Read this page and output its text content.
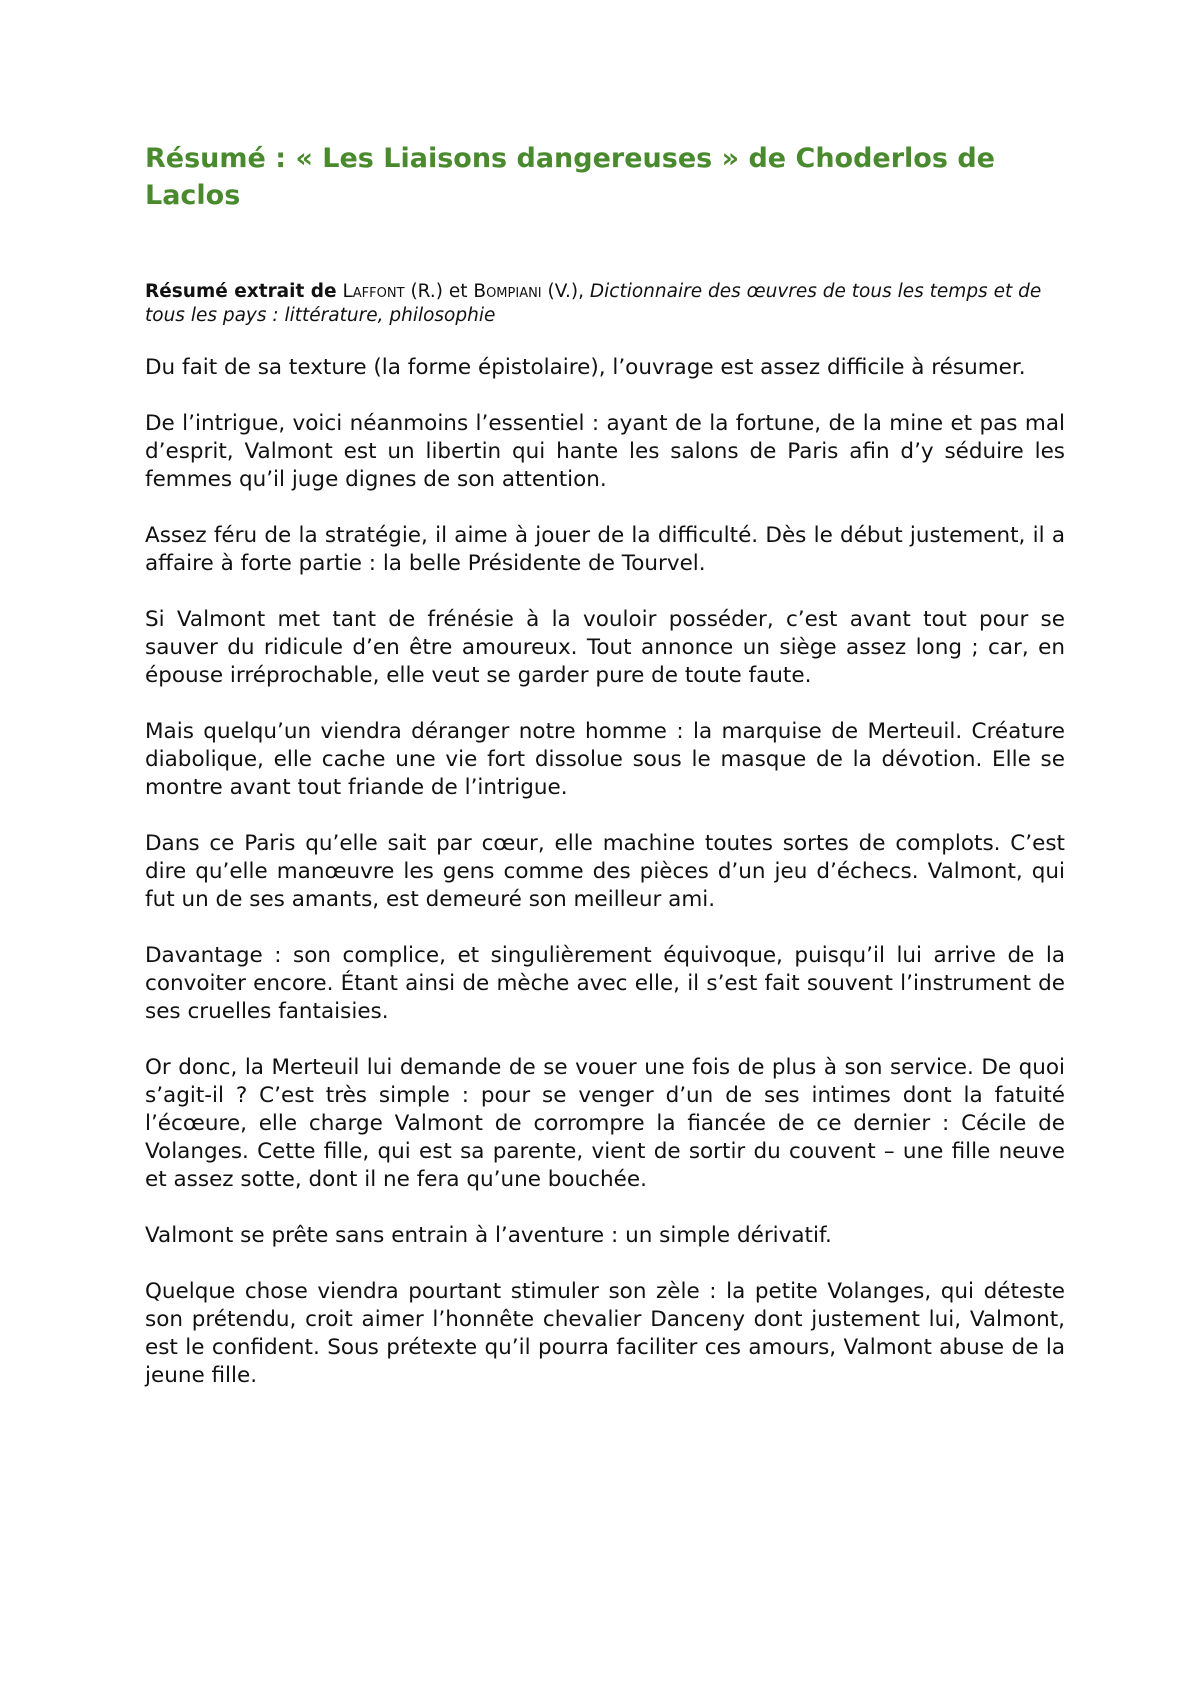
Résumé : « Les Liaisons dangereuses » de Choderlos de Laclos

Résumé extrait de Laffont (R.) et Bompiani (V.), Dictionnaire des œuvres de tous les temps et de tous les pays : littérature, philosophie

Du fait de sa texture (la forme épistolaire), l’ouvrage est assez difficile à résumer.

De l’intrigue, voici néanmoins l’essentiel : ayant de la fortune, de la mine et pas mal d’esprit, Valmont est un libertin qui hante les salons de Paris afin d’y séduire les femmes qu’il juge dignes de son attention.

Assez féru de la stratégie, il aime à jouer de la difficulté. Dès le début justement, il a affaire à forte partie : la belle Présidente de Tourvel.

Si Valmont met tant de frénésie à la vouloir posséder, c’est avant tout pour se sauver du ridicule d’en être amoureux. Tout annonce un siège assez long ; car, en épouse irréprochable, elle veut se garder pure de toute faute.

Mais quelqu’un viendra déranger notre homme : la marquise de Merteuil. Créature diabolique, elle cache une vie fort dissolue sous le masque de la dévotion. Elle se montre avant tout friande de l’intrigue.

Dans ce Paris qu’elle sait par cœur, elle machine toutes sortes de complots. C’est dire qu’elle manœuvre les gens comme des pièces d’un jeu d’échecs. Valmont, qui fut un de ses amants, est demeuré son meilleur ami.

Davantage : son complice, et singulièrement équivoque, puisqu’il lui arrive de la convoiter encore. Étant ainsi de mèche avec elle, il s’est fait souvent l’instrument de ses cruelles fantaisies.

Or donc, la Merteuil lui demande de se vouer une fois de plus à son service. De quoi s’agit-il ? C’est très simple : pour se venger d’un de ses intimes dont la fatuité l’écœure, elle charge Valmont de corrompre la fiancée de ce dernier : Cécile de Volanges. Cette fille, qui est sa parente, vient de sortir du couvent – une fille neuve et assez sotte, dont il ne fera qu’une bouchée.

Valmont se prête sans entrain à l’aventure : un simple dérivatif.

Quelque chose viendra pourtant stimuler son zèle : la petite Volanges, qui déteste son prétendu, croit aimer l’honnête chevalier Danceny dont justement lui, Valmont, est le confident. Sous prétexte qu’il pourra faciliter ces amours, Valmont abuse de la jeune fille.
